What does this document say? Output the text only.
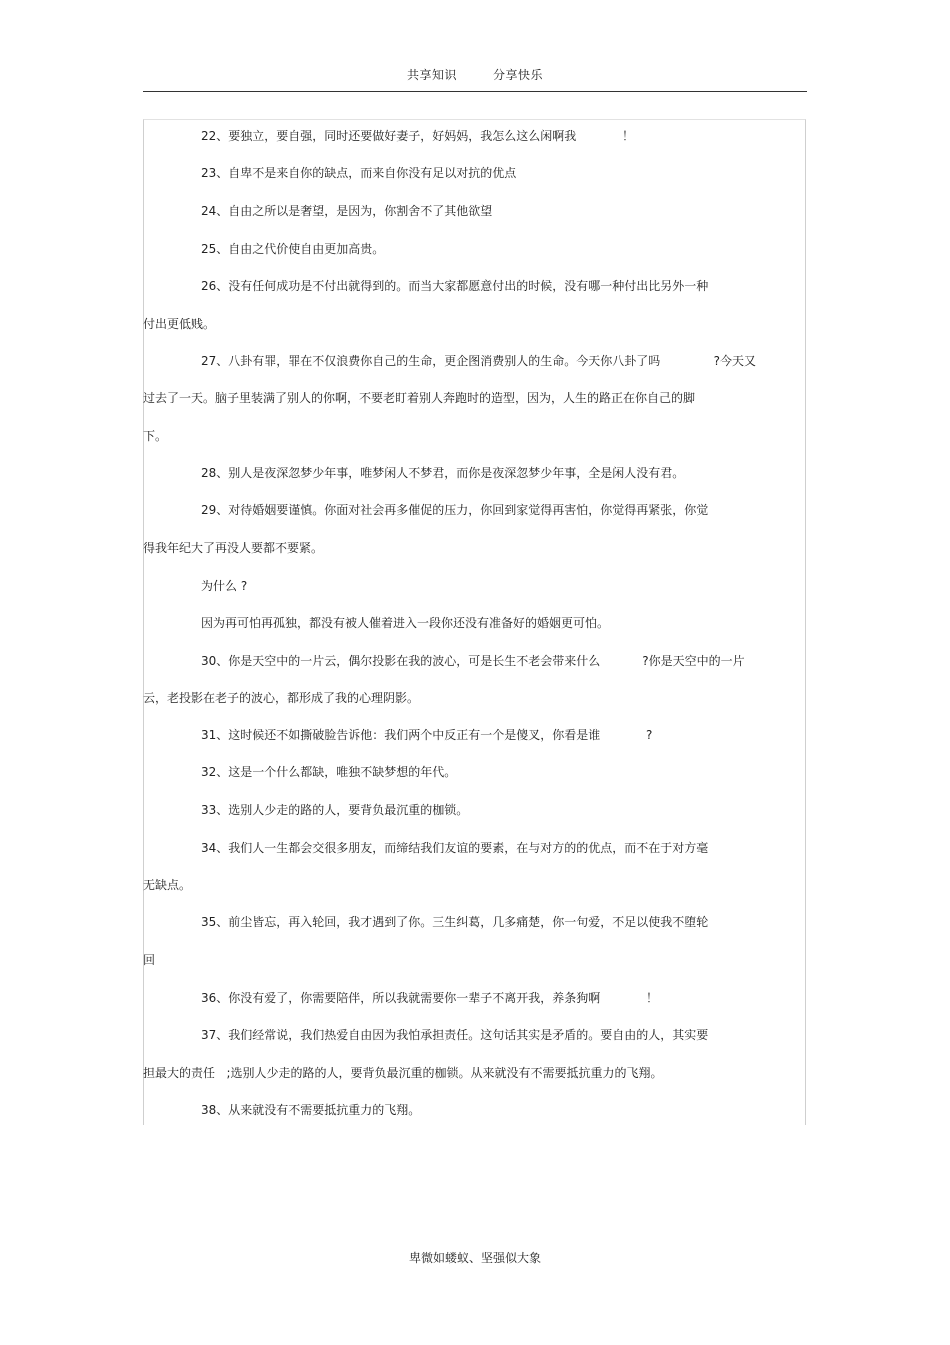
共享知识	分享快乐
22、要独立，要自强，同时还要做好妻子，好妈妈，我怎么这么闲啊我            ！
23、自卑不是来自你的缺点，而来自你没有足以对抗的优点
24、自由之所以是奢望，是因为，你割舍不了其他欲望
25、自由之代价使自由更加高贵。
26、没有任何成功是不付出就得到的。而当大家都愿意付出的时候，没有哪一种付出比另外一种
付出更低贱。
27、八卦有罪，罪在不仅浪费你自己的生命，更企图消费别人的生命。今天你八卦了吗              ?今天又
过去了一天。脑子里装满了别人的你啊，不要老盯着别人奔跑时的造型，因为，人生的路正在你自己的脚
下。
28、别人是夜深忽梦少年事，唯梦闲人不梦君，而你是夜深忽梦少年事，全是闲人没有君。
29、对待婚姻要谨慎。你面对社会再多催促的压力，你回到家觉得再害怕，你觉得再紧张，你觉
得我年纪大了再没人要都不要紧。
为什么 ?
因为再可怕再孤独，都没有被人催着进入一段你还没有准备好的婚姻更可怕。
30、你是天空中的一片云，偶尔投影在我的波心，可是长生不老会带来什么           ?你是天空中的一片
云，老投影在老子的波心，都形成了我的心理阴影。
31、这时候还不如撕破脸告诉他：我们两个中反正有一个是傻叉，你看是谁            ?
32、这是一个什么都缺，唯独不缺梦想的年代。
33、选别人少走的路的人，要背负最沉重的枷锁。
34、我们人一生都会交很多朋友，而缔结我们友谊的要素，在与对方的的优点，而不在于对方毫
无缺点。
35、前尘皆忘，再入轮回，我才遇到了你。三生纠葛，几多痛楚，你一句爱，不足以使我不堕轮
回
36、你没有爱了，你需要陪伴，所以我就需要你一辈子不离开我，养条狗啊            ！
37、我们经常说，我们热爱自由因为我怕承担责任。这句话其实是矛盾的。要自由的人，其实要
担最大的责任   ;选别人少走的路的人，要背负最沉重的枷锁。从来就没有不需要抵抗重力的飞翔。
38、从来就没有不需要抵抗重力的飞翔。
卑微如蝼蚁、坚强似大象
